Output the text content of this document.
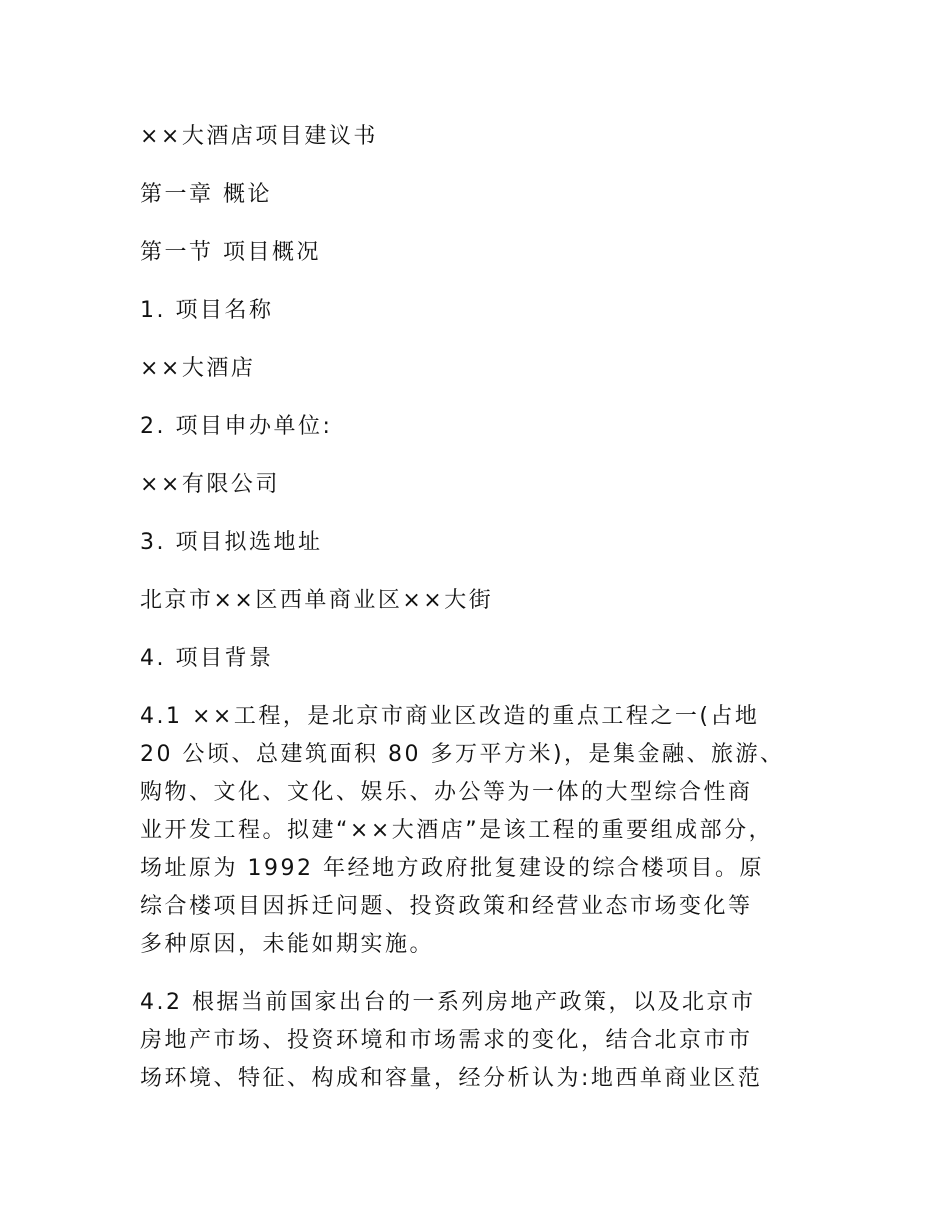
××大酒店项目建议书
第一章 概论
第一节 项目概况
1. 项目名称
××大酒店
2. 项目申办单位:
××有限公司
3. 项目拟选地址
北京市××区西单商业区××大街
4. 项目背景
4.1 ××工程，是北京市商业区改造的重点工程之一(占地
20 公顷、总建筑面积 80 多万平方米)，是集金融、旅游、
购物、文化、文化、娱乐、办公等为一体的大型综合性商
业开发工程。拟建“××大酒店”是该工程的重要组成部分，
场址原为 1992 年经地方政府批复建设的综合楼项目。原
综合楼项目因拆迁问题、投资政策和经营业态市场变化等
多种原因，未能如期实施。
4.2 根据当前国家出台的一系列房地产政策，以及北京市
房地产市场、投资环境和市场需求的变化，结合北京市市
场环境、特征、构成和容量，经分析认为:地西单商业区范
